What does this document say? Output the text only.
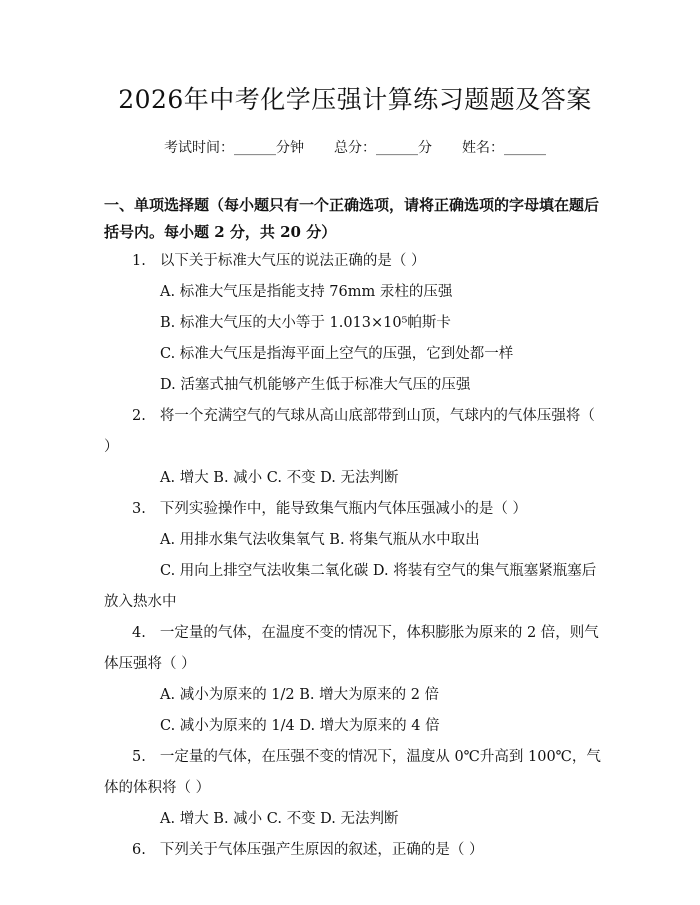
2026年中考化学压强计算练习题题及答案
考试时间：______分钟 总分：______分 姓名：______
一、单项选择题（每小题只有一个正确选项，请将正确选项的字母填在题后括号内。每小题 2 分，共 20 分）
1. 以下关于标准大气压的说法正确的是（ ）
A. 标准大气压是指能支持 76mm 汞柱的压强
B. 标准大气压的大小等于 1.013×10⁵帕斯卡
C. 标准大气压是指海平面上空气的压强，它到处都一样
D. 活塞式抽气机能够产生低于标准大气压的压强
2. 将一个充满空气的气球从高山底部带到山顶，气球内的气体压强将（ ）
A. 增大 B. 减小 C. 不变 D. 无法判断
3. 下列实验操作中，能导致集气瓶内气体压强减小的是（ ）
A. 用排水集气法收集氧气 B. 将集气瓶从水中取出
C. 用向上排空气法收集二氧化碳 D. 将装有空气的集气瓶塞紧瓶塞后放入热水中
4. 一定量的气体，在温度不变的情况下，体积膨胀为原来的 2 倍，则气体压强将（ ）
A. 减小为原来的 1/2 B. 增大为原来的 2 倍
C. 减小为原来的 1/4 D. 增大为原来的 4 倍
5. 一定量的气体，在压强不变的情况下，温度从 0℃升高到 100℃，气体的体积将（ ）
A. 增大 B. 减小 C. 不变 D. 无法判断
6. 下列关于气体压强产生原因的叙述，正确的是（ ）
